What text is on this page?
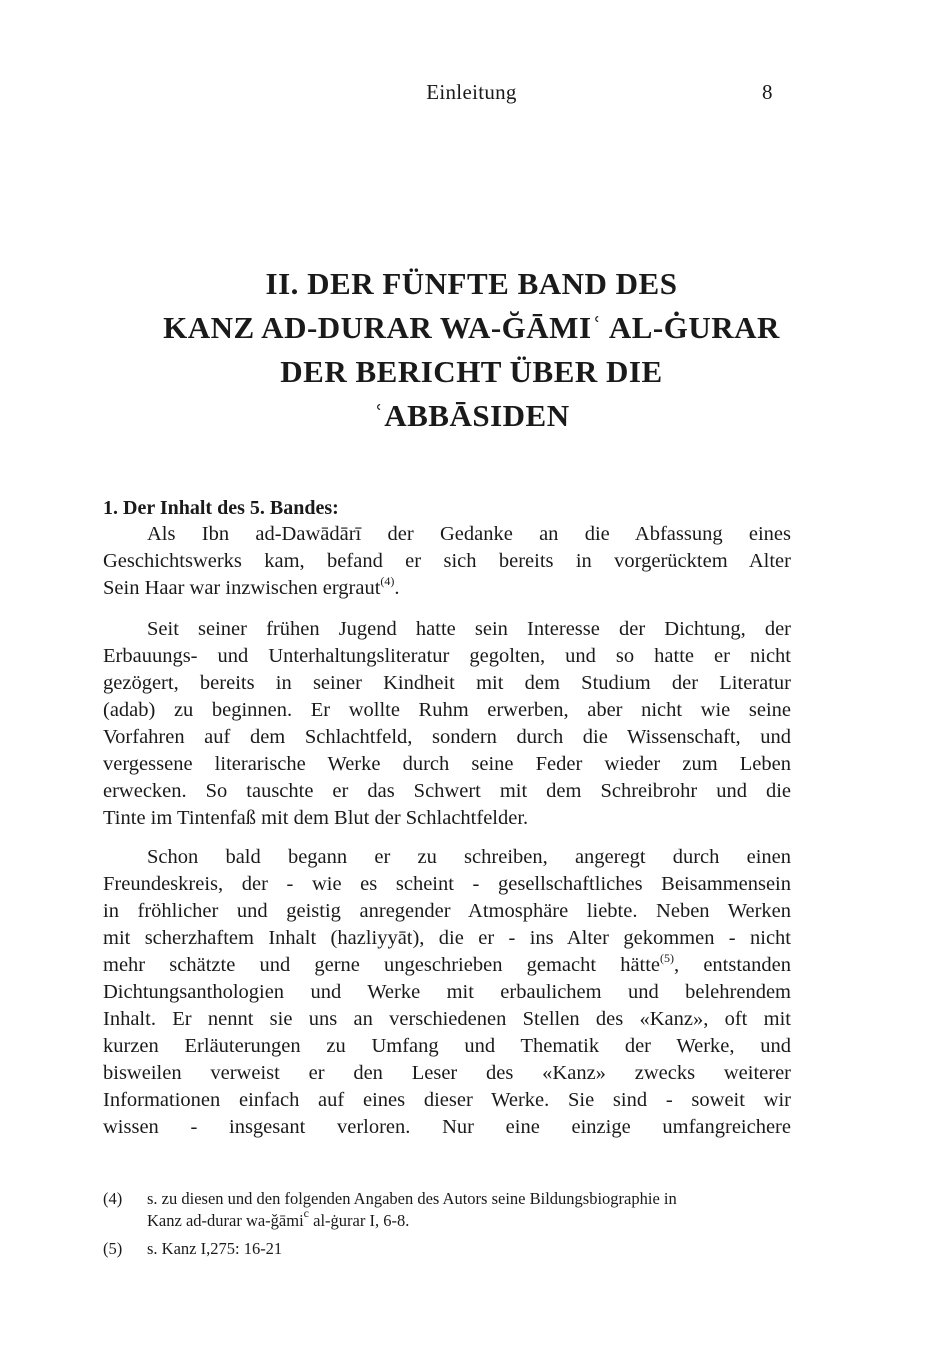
Einleitung	8
II. DER FÜNFTE BAND DES
KANZ AD-DURAR WA-ĞĀMIʿ AL-ĠURAR
DER BERICHT ÜBER DIE
ʿABBĀSIDEN
1. Der Inhalt des 5. Bandes:

Als Ibn ad-Dawādārī der Gedanke an die Abfassung eines
Geschichtswerks kam, befand er sich bereits in vorgerücktem Alter
Sein Haar war inzwischen ergraut$^{(4)}$.

Seit seiner frühen Jugend hatte sein Interesse der Dichtung, der
Erbauungs- und Unterhaltungsliteratur gegolten, und so hatte er nicht
gezögert, bereits in seiner Kindheit mit dem Studium der Literatur
(adab) zu beginnen. Er wollte Ruhm erwerben, aber nicht wie seine
Vorfahren auf dem Schlachtfeld, sondern durch die Wissenschaft, und
vergessene literarische Werke durch seine Feder wieder zum Leben
erwecken. So tauschte er das Schwert mit dem Schreibrohr und die
Tinte im Tintenfaß mit dem Blut der Schlachtfelder.

Schon bald begann er zu schreiben, angeregt durch einen
Freundeskreis, der - wie es scheint - gesellschaftliches Beisammensein
in fröhlicher und geistig anregender Atmosphäre liebte. Neben Werken
mit scherzhaftem Inhalt (hazliyyāt), die er - ins Alter gekommen - nicht
mehr schätzte und gerne ungeschrieben gemacht hätte$^{(5)}$, entstanden
Dichtungsanthologien und Werke mit erbaulichem und belehrendem
Inhalt. Er nennt sie uns an verschiedenen Stellen des «Kanz», oft mit
kurzen Erläuterungen zu Umfang und Thematik der Werke, und
bisweilen verweist er den Leser des «Kanz» zwecks weiterer
Informationen einfach auf eines dieser Werke. Sie sind - soweit wir
wissen - insgesant verloren. Nur eine einzige umfangreichere

(4)	s. zu diesen und den folgenden Angaben des Autors seine Bildungsbiographie in
Kanz ad-durar wa-ǧāmi$^c$ al-ġurar I, 6-8.
(5)	s. Kanz I,275: 16-21
